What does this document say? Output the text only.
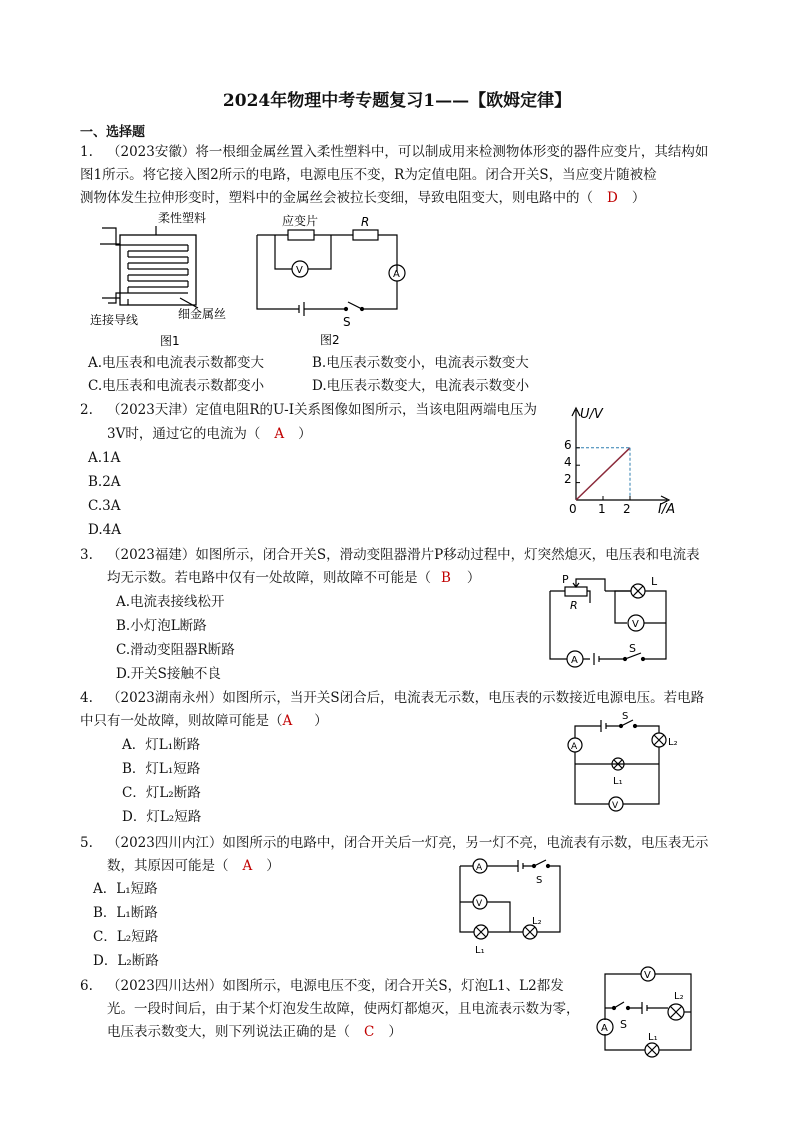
2024年物理中考专题复习1——【欧姆定律】
一、选择题
1. （2023安徽）将一根细金属丝置入柔性塑料中，可以制成用来检测物体形变的器件应变片，其结构如
图1所示。将它接入图2所示的电路，电源电压不变，R为定值电阻。闭合开关S，当应变片随被检
测物体发生拉伸形变时，塑料中的金属丝会被拉长变细，导致电阻变大，则电路中的（ D ）
柔性塑料
连接导线	细金属丝
图1
应变片	R
V	A
S
图2
A.电压表和电流表示数都变大	B.电压表示数变小，电流表示数变大
C.电压表和电流表示数都变小	D.电压表示数变大，电流表示数变小
2. （2023天津）定值电阻R的U-I关系图像如图所示，当该电阻两端电压为
3V时，通过它的电流为（ A ）
A.1A
B.2A
C.3A
D.4A
U/V
I/A
6
4
2
0 1 2
3. （2023福建）如图所示，闭合开关S，滑动变阻器滑片P移动过程中，灯突然熄灭，电压表和电流表
均无示数。若电路中仅有一处故障，则故障不可能是（ B ）
A.电流表接线松开
B.小灯泡L断路
C.滑动变阻器R断路
D.开关S接触不良
P
R
L
V
A
S
4. （2023湖南永州）如图所示，当开关S闭合后，电流表无示数，电压表的示数接近电源电压。若电路
中只有一处故障，则故障可能是（A ）
A．灯L₁断路
B．灯L₁短路
C．灯L₂断路
D．灯L₂短路
S
A	L₂
L₁
V
5. （2023四川内江）如图所示的电路中，闭合开关后一灯亮，另一灯不亮，电流表有示数，电压表无示
数，其原因可能是（ A ）
A．L₁短路
B．L₁断路
C．L₂短路
D．L₂断路
A
V
S
L₂
L₁
6. （2023四川达州）如图所示，电源电压不变，闭合开关S，灯泡L1、L2都发
光。一段时间后，由于某个灯泡发生故障，使两灯都熄灭，且电流表示数为零，
电压表示数变大，则下列说法正确的是（ C ）
V
A S
L₂
L₁
